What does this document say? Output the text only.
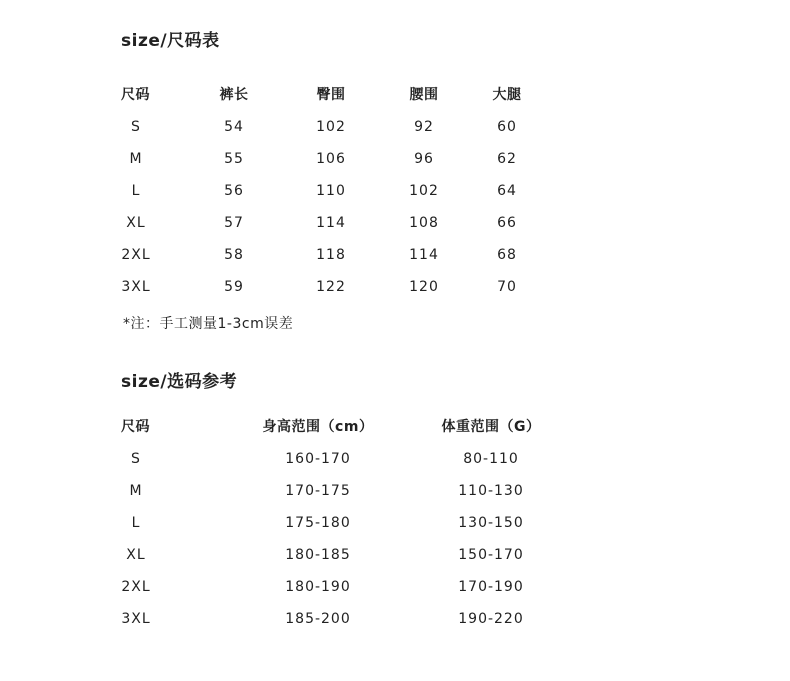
size/尺码表
尺码	裤长	臀围	腰围	大腿
S	54	102	92	60
M	55	106	96	62
L	56	110	102	64
XL	57	114	108	66
2XL	58	118	114	68
3XL	59	122	120	70
*注：手工测量1-3cm误差
size/选码参考
尺码	身高范围（cm）	体重范围（G）
S	160-170	80-110
M	170-175	110-130
L	175-180	130-150
XL	180-185	150-170
2XL	180-190	170-190
3XL	185-200	190-220
